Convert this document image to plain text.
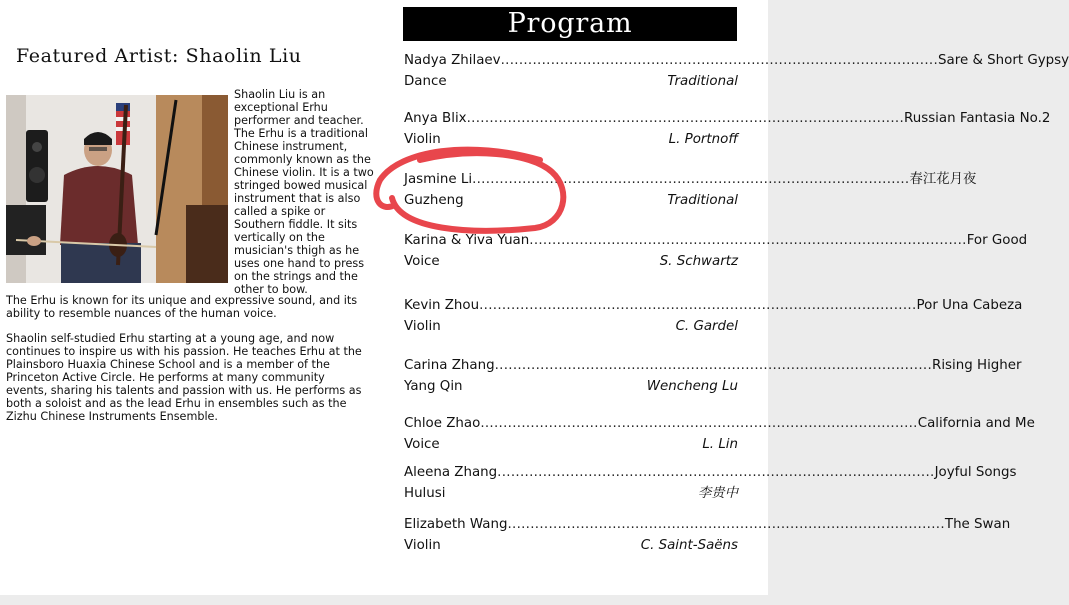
Featured Artist: Shaolin Liu
Shaolin Liu is an
exceptional Erhu
performer and teacher.
The Erhu is a traditional
Chinese instrument,
commonly known as the
Chinese violin. It is a two
stringed bowed musical
instrument that is also
called a spike or
Southern fiddle. It sits
vertically on the
musician's thigh as he
uses one hand to press
on the strings and the
other to bow.
The Erhu is known for its unique and expressive sound, and its
ability to resemble nuances of the human voice.
Shaolin self-studied Erhu starting at a young age, and now
continues to inspire us with his passion. He teaches Erhu at the
Plainsboro Huaxia Chinese School and is a member of the
Princeton Active Circle. He performs at many community
events, sharing his talents and passion with us. He performs as
both a soloist and as the lead Erhu in ensembles such as the
Zizhu Chinese Instruments Ensemble.
Program
Nadya Zhilaev ................................................................................................ Sare & Short Gypsy
Dance	Traditional
Anya Blix ................................................................................................ Russian Fantasia No.2
Violin	L. Portnoff
Jasmine Li ................................................................................................ 春江花月夜
Guzheng	Traditional
Karina & Yiva Yuan ................................................................................................ For Good
Voice	S. Schwartz
Kevin Zhou ................................................................................................ Por Una Cabeza
Violin	C. Gardel
Carina Zhang ................................................................................................ Rising Higher
Yang Qin	Wencheng Lu
Chloe Zhao ................................................................................................ California and Me
Voice	L. Lin
Aleena Zhang ................................................................................................ Joyful Songs
Hulusi	李贵中
Elizabeth Wang ................................................................................................ The Swan
Violin	C. Saint-Saëns
